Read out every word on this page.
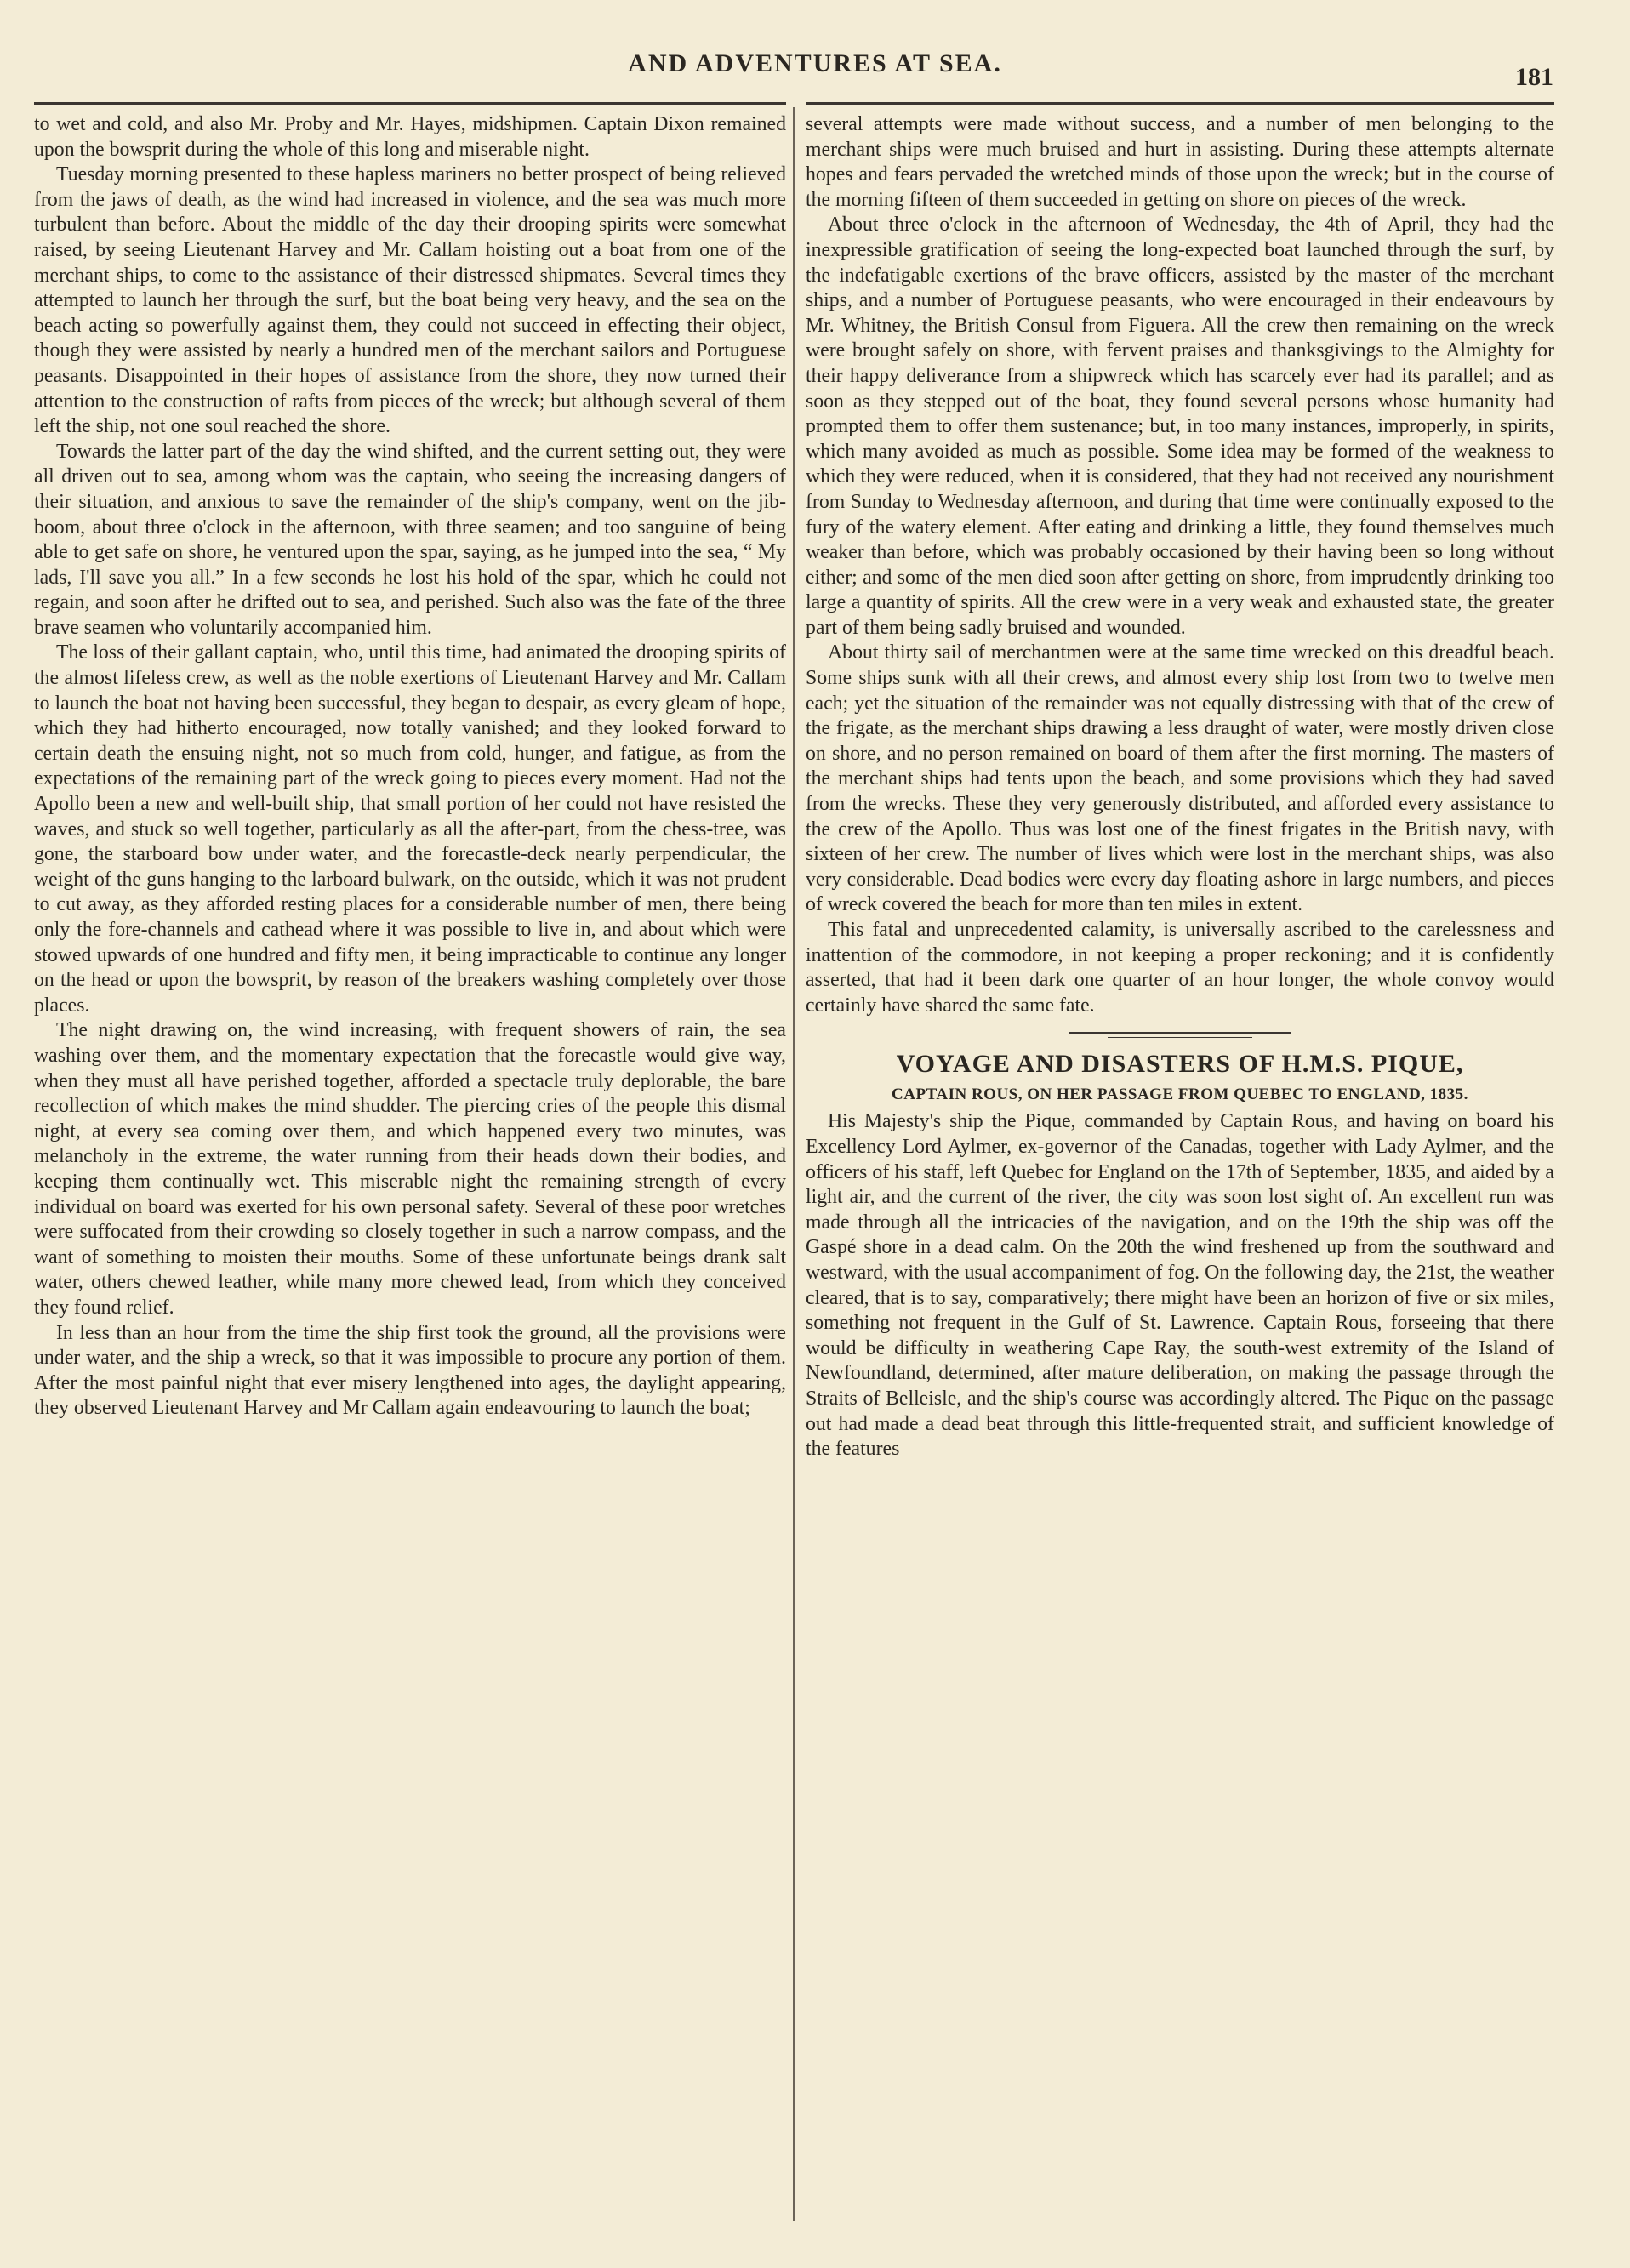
AND ADVENTURES AT SEA.	181

to wet and cold, and also Mr. Proby and Mr. Hayes, midshipmen. Captain Dixon remained upon the bowsprit during the whole of this long and miserable night.

Tuesday morning presented to these hapless mariners no better prospect of being relieved from the jaws of death, as the wind had increased in violence, and the sea was much more turbulent than before. About the middle of the day their drooping spirits were somewhat raised, by seeing Lieutenant Harvey and Mr. Callam hoisting out a boat from one of the merchant ships, to come to the assistance of their distressed shipmates. Several times they attempted to launch her through the surf, but the boat being very heavy, and the sea on the beach acting so powerfully against them, they could not succeed in effecting their object, though they were assisted by nearly a hundred men of the merchant sailors and Portuguese peasants. Disappointed in their hopes of assistance from the shore, they now turned their attention to the construction of rafts from pieces of the wreck; but although several of them left the ship, not one soul reached the shore.

Towards the latter part of the day the wind shifted, and the current setting out, they were all driven out to sea, among whom was the captain, who seeing the increasing dangers of their situation, and anxious to save the remainder of the ship's company, went on the jib-boom, about three o'clock in the afternoon, with three seamen; and too sanguine of being able to get safe on shore, he ventured upon the spar, saying, as he jumped into the sea, “ My lads, I'll save you all.” In a few seconds he lost his hold of the spar, which he could not regain, and soon after he drifted out to sea, and perished. Such also was the fate of the three brave seamen who voluntarily accompanied him.

The loss of their gallant captain, who, until this time, had animated the drooping spirits of the almost lifeless crew, as well as the noble exertions of Lieutenant Harvey and Mr. Callam to launch the boat not having been successful, they began to despair, as every gleam of hope, which they had hitherto encouraged, now totally vanished; and they looked forward to certain death the ensuing night, not so much from cold, hunger, and fatigue, as from the expectations of the remaining part of the wreck going to pieces every moment. Had not the Apollo been a new and well-built ship, that small portion of her could not have resisted the waves, and stuck so well together, particularly as all the after-part, from the chess-tree, was gone, the starboard bow under water, and the forecastle-deck nearly perpendicular, the weight of the guns hanging to the larboard bulwark, on the outside, which it was not prudent to cut away, as they afforded resting places for a considerable number of men, there being only the fore-channels and cathead where it was possible to live in, and about which were stowed upwards of one hundred and fifty men, it being impracticable to continue any longer on the head or upon the bowsprit, by reason of the breakers washing completely over those places.

The night drawing on, the wind increasing, with frequent showers of rain, the sea washing over them, and the momentary expectation that the forecastle would give way, when they must all have perished together, afforded a spectacle truly deplorable, the bare recollection of which makes the mind shudder. The piercing cries of the people this dismal night, at every sea coming over them, and which happened every two minutes, was melancholy in the extreme, the water running from their heads down their bodies, and keeping them continually wet. This miserable night the remaining strength of every individual on board was exerted for his own personal safety. Several of these poor wretches were suffocated from their crowding so closely together in such a narrow compass, and the want of something to moisten their mouths. Some of these unfortunate beings drank salt water, others chewed leather, while many more chewed lead, from which they conceived they found relief.

In less than an hour from the time the ship first took the ground, all the provisions were under water, and the ship a wreck, so that it was impossible to procure any portion of them. After the most painful night that ever misery lengthened into ages, the daylight appearing, they observed Lieutenant Harvey and Mr Callam again endeavouring to launch the boat;

several attempts were made without success, and a number of men belonging to the merchant ships were much bruised and hurt in assisting. During these attempts alternate hopes and fears pervaded the wretched minds of those upon the wreck; but in the course of the morning fifteen of them succeeded in getting on shore on pieces of the wreck.

About three o'clock in the afternoon of Wednesday, the 4th of April, they had the inexpressible gratification of seeing the long-expected boat launched through the surf, by the indefatigable exertions of the brave officers, assisted by the master of the merchant ships, and a number of Portuguese peasants, who were encouraged in their endeavours by Mr. Whitney, the British Consul from Figuera. All the crew then remaining on the wreck were brought safely on shore, with fervent praises and thanksgivings to the Almighty for their happy deliverance from a shipwreck which has scarcely ever had its parallel; and as soon as they stepped out of the boat, they found several persons whose humanity had prompted them to offer them sustenance; but, in too many instances, improperly, in spirits, which many avoided as much as possible. Some idea may be formed of the weakness to which they were reduced, when it is considered, that they had not received any nourishment from Sunday to Wednesday afternoon, and during that time were continually exposed to the fury of the watery element. After eating and drinking a little, they found themselves much weaker than before, which was probably occasioned by their having been so long without either; and some of the men died soon after getting on shore, from imprudently drinking too large a quantity of spirits. All the crew were in a very weak and exhausted state, the greater part of them being sadly bruised and wounded.

About thirty sail of merchantmen were at the same time wrecked on this dreadful beach. Some ships sunk with all their crews, and almost every ship lost from two to twelve men each; yet the situation of the remainder was not equally distressing with that of the crew of the frigate, as the merchant ships drawing a less draught of water, were mostly driven close on shore, and no person remained on board of them after the first morning. The masters of the merchant ships had tents upon the beach, and some provisions which they had saved from the wrecks. These they very generously distributed, and afforded every assistance to the crew of the Apollo. Thus was lost one of the finest frigates in the British navy, with sixteen of her crew. The number of lives which were lost in the merchant ships, was also very considerable. Dead bodies were every day floating ashore in large numbers, and pieces of wreck covered the beach for more than ten miles in extent.

This fatal and unprecedented calamity, is universally ascribed to the carelessness and inattention of the commodore, in not keeping a proper reckoning; and it is confidently asserted, that had it been dark one quarter of an hour longer, the whole convoy would certainly have shared the same fate.

VOYAGE AND DISASTERS OF H.M.S. PIQUE,
CAPTAIN ROUS, ON HER PASSAGE FROM QUEBEC TO ENGLAND, 1835.

His Majesty's ship the Pique, commanded by Captain Rous, and having on board his Excellency Lord Aylmer, ex-governor of the Canadas, together with Lady Aylmer, and the officers of his staff, left Quebec for England on the 17th of September, 1835, and aided by a light air, and the current of the river, the city was soon lost sight of. An excellent run was made through all the intricacies of the navigation, and on the 19th the ship was off the Gaspé shore in a dead calm. On the 20th the wind freshened up from the southward and westward, with the usual accompaniment of fog. On the following day, the 21st, the weather cleared, that is to say, comparatively; there might have been an horizon of five or six miles, something not frequent in the Gulf of St. Lawrence. Captain Rous, forseeing that there would be difficulty in weathering Cape Ray, the south-west extremity of the Island of Newfoundland, determined, after mature deliberation, on making the passage through the Straits of Belleisle, and the ship's course was accordingly altered. The Pique on the passage out had made a dead beat through this little-frequented strait, and sufficient knowledge of the features
